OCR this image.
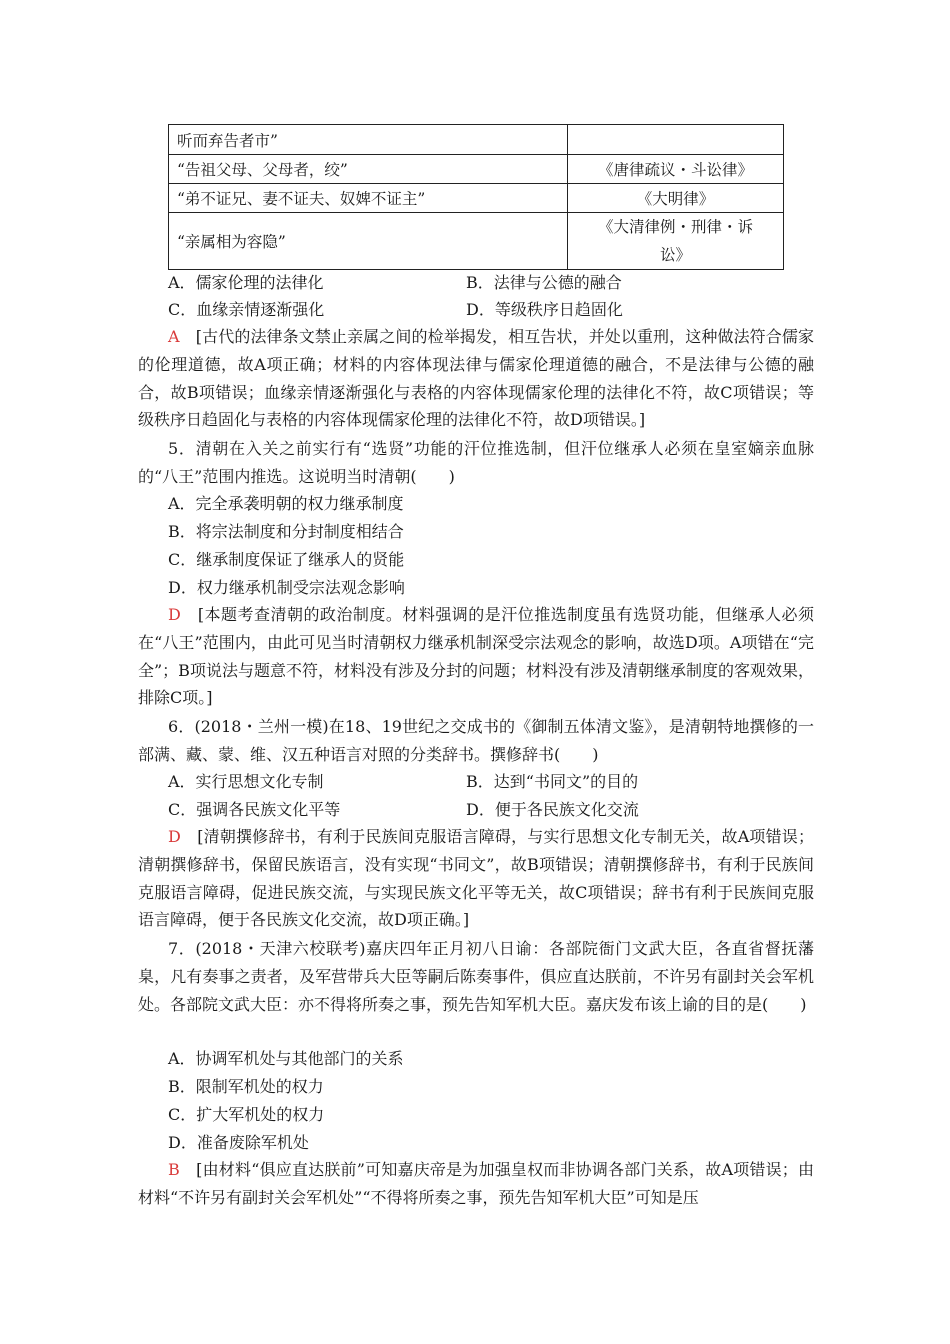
听而弃告者市”	
“告祖父母、父母者，绞”	《唐律疏议・斗讼律》
“弟不证兄、妻不证夫、奴婢不证主”	《大明律》
“亲属相为容隐”	《大清律例・刑律・诉
讼》
A．儒家伦理的法律化	B．法律与公德的融合
C．血缘亲情逐渐强化	D．等级秩序日趋固化
A　 [古代的法律条文禁止亲属之间的检举揭发，相互告状，并处以重刑，这种做法符合儒家的伦理道德，故A项正确；材料的内容体现法律与儒家伦理道德的融合，不是法律与公德的融合，故B项错误；血缘亲情逐渐强化与表格的内容体现儒家伦理的法律化不符，故C项错误；等级秩序日趋固化与表格的内容体现儒家伦理的法律化不符，故D项错误。]
5．清朝在入关之前实行有“选贤”功能的汗位推选制，但汗位继承人必须在皇室嫡亲血脉的“八王”范围内推选。这说明当时清朝(　　)
A．完全承袭明朝的权力继承制度
B．将宗法制度和分封制度相结合
C．继承制度保证了继承人的贤能
D．权力继承机制受宗法观念影响
D　 [本题考查清朝的政治制度。材料强调的是汗位推选制度虽有选贤功能，但继承人必须在“八王”范围内，由此可见当时清朝权力继承机制深受宗法观念的影响，故选D项。A项错在“完全”；B项说法与题意不符，材料没有涉及分封的问题；材料没有涉及清朝继承制度的客观效果，排除C项。]
6．(2018・兰州一模)在18、19世纪之交成书的《御制五体清文鉴》，是清朝特地撰修的一部满、藏、蒙、维、汉五种语言对照的分类辞书。撰修辞书(　　)
A．实行思想文化专制	B．达到“书同文”的目的
C．强调各民族文化平等	D．便于各民族文化交流
D　 [清朝撰修辞书，有利于民族间克服语言障碍，与实行思想文化专制无关，故A项错误；清朝撰修辞书，保留民族语言，没有实现“书同文”，故B项错误；清朝撰修辞书，有利于民族间克服语言障碍，促进民族交流，与实现民族文化平等无关，故C项错误；辞书有利于民族间克服语言障碍，便于各民族文化交流，故D项正确。]
7．(2018・天津六校联考)嘉庆四年正月初八日谕：各部院衙门文武大臣，各直省督抚藩臬，凡有奏事之责者，及军营带兵大臣等嗣后陈奏事件，俱应直达朕前，不许另有副封关会军机处。各部院文武大臣：亦不得将所奏之事，预先告知军机大臣。嘉庆发布该上谕的目的是(　　)
A．协调军机处与其他部门的关系
B．限制军机处的权力
C．扩大军机处的权力
D．准备废除军机处
B　 [由材料“俱应直达朕前”可知嘉庆帝是为加强皇权而非协调各部门关系，故A项错误；由材料“不许另有副封关会军机处”“不得将所奏之事，预先告知军机大臣”可知是压
